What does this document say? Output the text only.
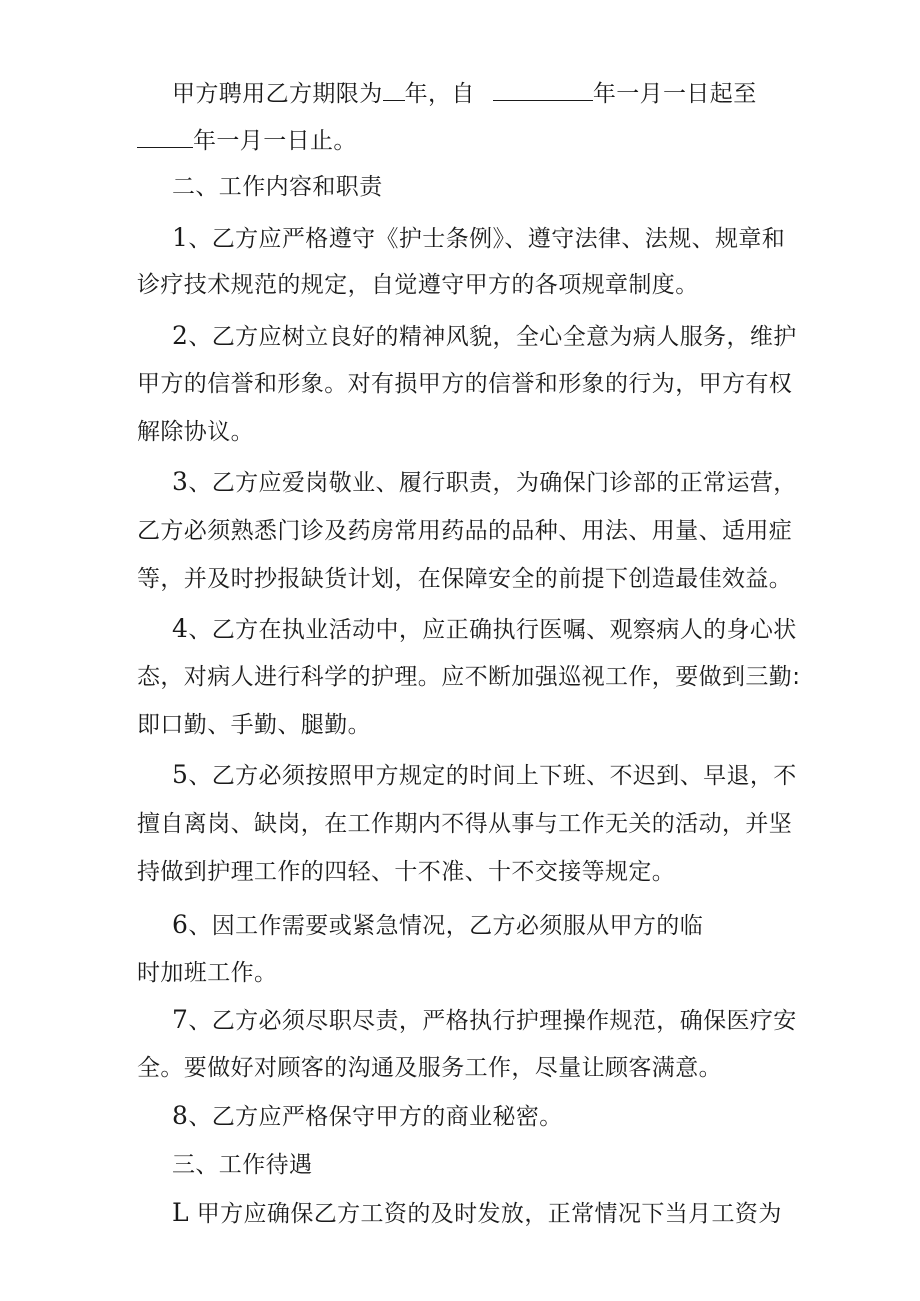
甲方聘用乙方期限为 年，自	年一月一日起至
年一月一日止。
二、工作内容和职责
1、乙方应严格遵守《护士条例》、遵守法律、法规、规章和
诊疗技术规范的规定，自觉遵守甲方的各项规章制度。
2、乙方应树立良好的精神风貌，全心全意为病人服务，维护
甲方的信誉和形象。对有损甲方的信誉和形象的行为，甲方有权
解除协议。
3、乙方应爱岗敬业、履行职责，为确保门诊部的正常运营，
乙方必须熟悉门诊及药房常用药品的品种、用法、用量、适用症
等，并及时抄报缺货计划，在保障安全的前提下创造最佳效益。
4、乙方在执业活动中，应正确执行医嘱、观察病人的身心状
态，对病人进行科学的护理。应不断加强巡视工作，要做到三勤:
即口勤、手勤、腿勤。
5、乙方必须按照甲方规定的时间上下班、不迟到、早退，不
擅自离岗、缺岗，在工作期内不得从事与工作无关的活动，并坚
持做到护理工作的四轻、十不准、十不交接等规定。
6、因工作需要或紧急情况，乙方必须服从甲方的临
时加班工作。
7、乙方必须尽职尽责，严格执行护理操作规范，确保医疗安
全。要做好对顾客的沟通及服务工作，尽量让顾客满意。
8、乙方应严格保守甲方的商业秘密。
三、工作待遇
L 甲方应确保乙方工资的及时发放，正常情况下当月工资为
